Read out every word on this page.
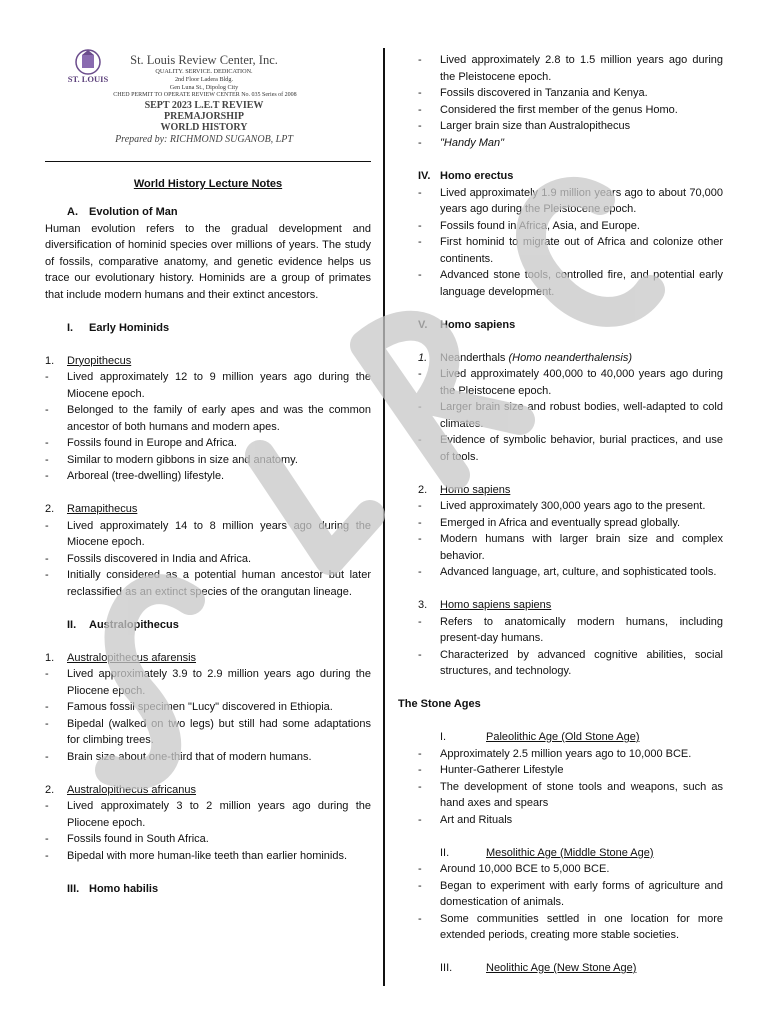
ST. LOUIS
St. Louis Review Center, Inc.
QUALITY. SERVICE. DEDICATION.
2nd Floor Ladera Bldg.
Gen Luna St., Dipolog City
CHED PERMIT TO OPERATE REVIEW CENTER No. 035 Series of 2008
SEPT 2023 L.E.T REVIEW
PREMAJORSHIP
WORLD HISTORY
Prepared by: RICHMOND SUGANOB, LPT
World History Lecture Notes
A.	Evolution of Man
Human evolution refers to the gradual development and diversification of hominid species over millions of years. The study of fossils, comparative anatomy, and genetic evidence helps us trace our evolutionary history. Hominids are a group of primates that include modern humans and their extinct ancestors.
I.	Early Hominids
1.	Dryopithecus
-	Lived approximately 12 to 9 million years ago during the Miocene epoch.
-	Belonged to the family of early apes and was the common ancestor of both humans and modern apes.
-	Fossils found in Europe and Africa.
-	Similar to modern gibbons in size and anatomy.
-	Arboreal (tree-dwelling) lifestyle.
2.	Ramapithecus
-	Lived approximately 14 to 8 million years ago during the Miocene epoch.
-	Fossils discovered in India and Africa.
-	Initially considered as a potential human ancestor but later reclassified as an extinct species of the orangutan lineage.
II.	Australopithecus
1.	Australopithecus afarensis
-	Lived approximately 3.9 to 2.9 million years ago during the Pliocene epoch.
-	Famous fossil specimen "Lucy" discovered in Ethiopia.
-	Bipedal (walked on two legs) but still had some adaptations for climbing trees.
-	Brain size about one-third that of modern humans.
2.	Australopithecus africanus
-	Lived approximately 3 to 2 million years ago during the Pliocene epoch.
-	Fossils found in South Africa.
-	Bipedal with more human-like teeth than earlier hominids.
III. Homo habilis
-	Lived approximately 2.8 to 1.5 million years ago during the Pleistocene epoch.
-	Fossils discovered in Tanzania and Kenya.
-	Considered the first member of the genus Homo.
-	Larger brain size than Australopithecus
-	"Handy Man"
IV. Homo erectus
-	Lived approximately 1.9 million years ago to about 70,000 years ago during the Pleistocene epoch.
-	Fossils found in Africa, Asia, and Europe.
-	First hominid to migrate out of Africa and colonize other continents.
-	Advanced stone tools, controlled fire, and potential early language development.
V.	Homo sapiens
1.	Neanderthals (Homo neanderthalensis)
-	Lived approximately 400,000 to 40,000 years ago during the Pleistocene epoch.
-	Larger brain size and robust bodies, well-adapted to cold climates.
-	Evidence of symbolic behavior, burial practices, and use of tools.
2.	Homo sapiens
-	Lived approximately 300,000 years ago to the present.
-	Emerged in Africa and eventually spread globally.
-	Modern humans with larger brain size and complex behavior.
-	Advanced language, art, culture, and sophisticated tools.
3.	Homo sapiens sapiens
-	Refers to anatomically modern humans, including present-day humans.
-	Characterized by advanced cognitive abilities, social structures, and technology.
The Stone Ages
I.	Paleolithic Age (Old Stone Age)
-	Approximately 2.5 million years ago to 10,000 BCE.
-	Hunter-Gatherer Lifestyle
-	The development of stone tools and weapons, such as hand axes and spears
-	Art and Rituals
II.	Mesolithic Age (Middle Stone Age)
-	Around 10,000 BCE to 5,000 BCE.
-	Began to experiment with early forms of agriculture and domestication of animals.
-	Some communities settled in one location for more extended periods, creating more stable societies.
III.	Neolithic Age (New Stone Age)
